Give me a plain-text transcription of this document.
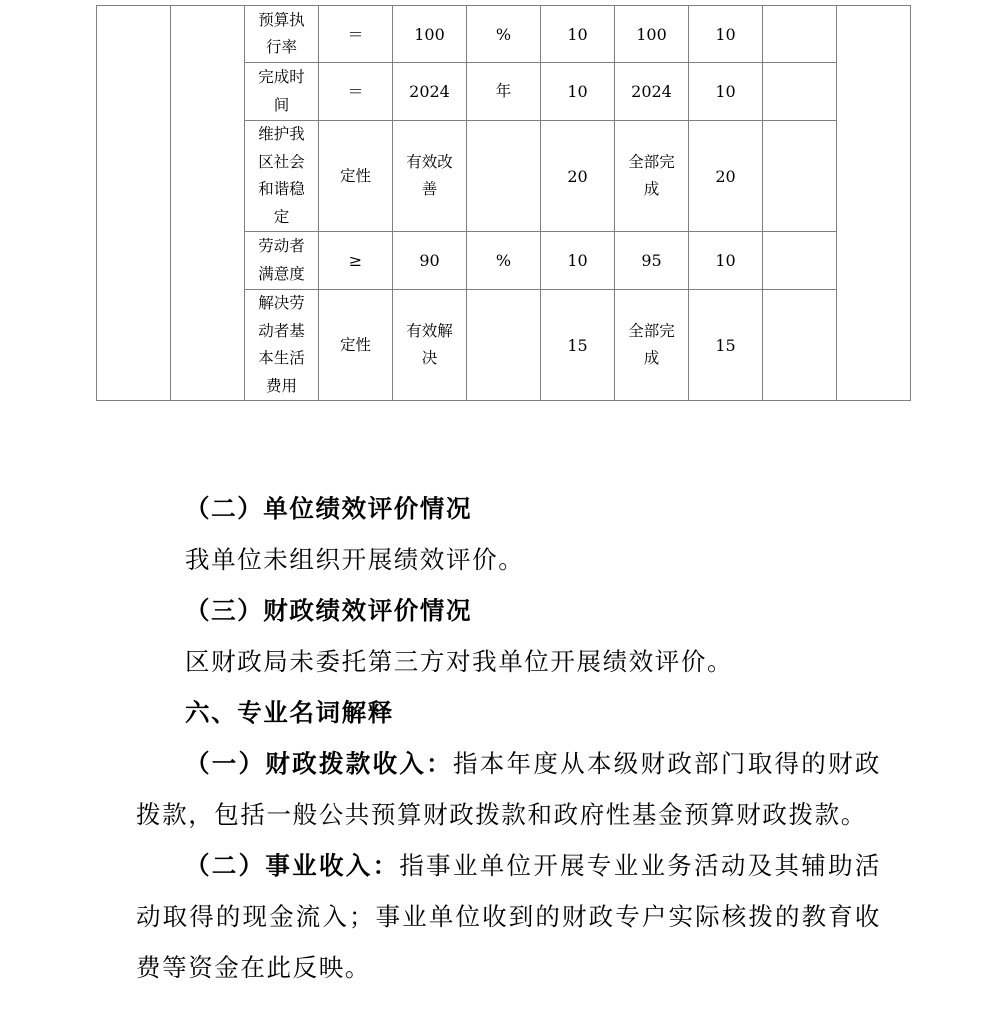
		预算执行率	＝	100	%	10	100	10		
		完成时间	＝	2024	年	10	2024	10		
		维护我区社会和谐稳定	定性	有效改善		20	全部完成	20		
		劳动者满意度	≥	90	%	10	95	10		
		解决劳动者基本生活费用	定性	有效解决		15	全部完成	15		

（二）单位绩效评价情况

我单位未组织开展绩效评价。

（三）财政绩效评价情况

区财政局未委托第三方对我单位开展绩效评价。

六、专业名词解释

（一）财政拨款收入：指本年度从本级财政部门取得的财政拨款，包括一般公共预算财政拨款和政府性基金预算财政拨款。

（二）事业收入：指事业单位开展专业业务活动及其辅助活动取得的现金流入；事业单位收到的财政专户实际核拨的教育收费等资金在此反映。
